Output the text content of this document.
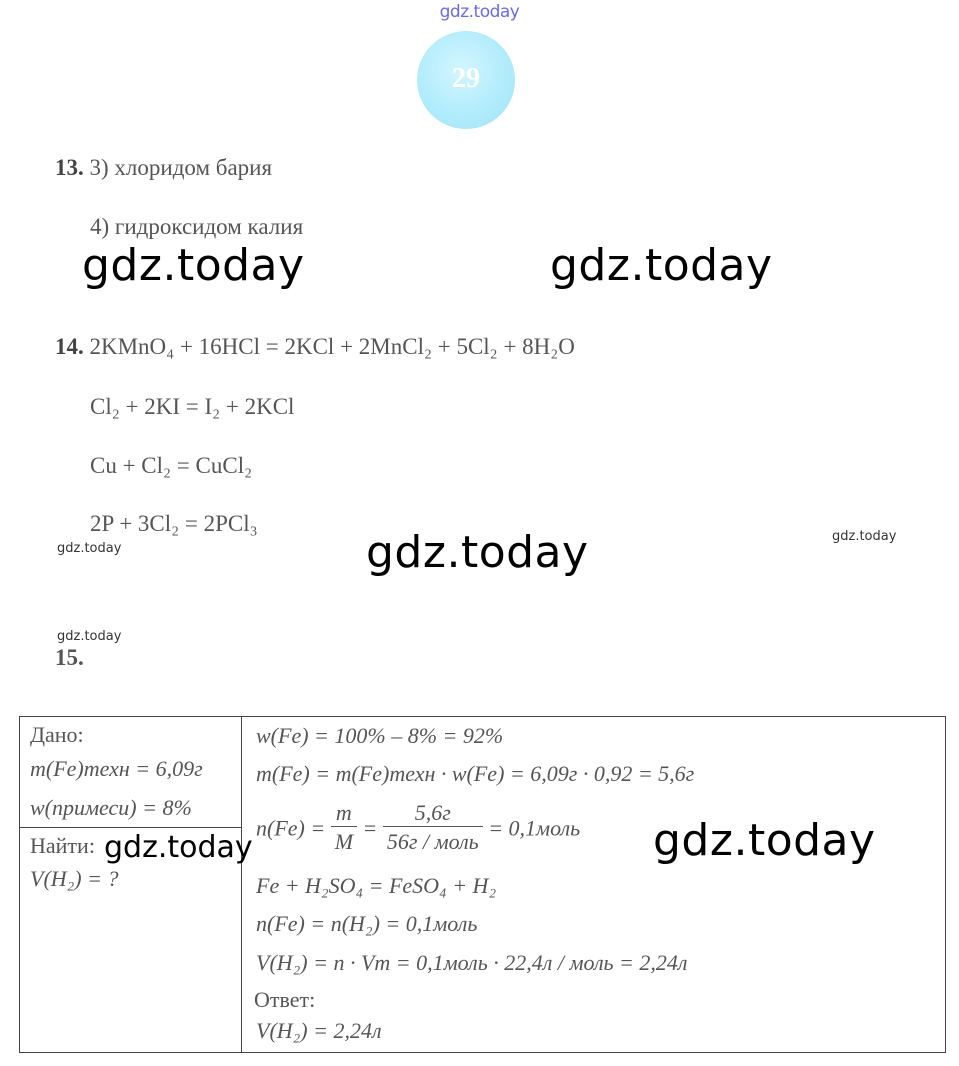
gdz.today
29
13. 3) хлоридом бария
4) гидроксидом калия
gdz.today	gdz.today
14. 2KMnO₄ + 16HCl = 2KCl + 2MnCl₂ + 5Cl₂ + 8H₂O
Cl₂ + 2KI = I₂ + 2KCl
Cu + Cl₂ = CuCl₂
2P + 3Cl₂ = 2PCl₃
gdz.today	gdz.today	gdz.today
gdz.today
15.
Дано:
m(Fe)техн = 6,09г
w(примеси) = 8%
Найти:
V(H₂) = ?
gdz.today
w(Fe) = 100% – 8% = 92%
m(Fe) = m(Fe)техн · w(Fe) = 6,09г · 0,92 = 5,6г
$n(Fe) = \frac{m}{M} = \frac{5,6г}{\text{56г / моль}}$ = 0,1моль gdz.today
Fe + H₂SO₄ = FeSO₄ + H₂
n(Fe) = n(H₂) = 0,1моль
V(H₂) = n · Vm = 0,1моль · 22,4л / моль = 2,24л
Ответ:
V(H₂) = 2,24л
